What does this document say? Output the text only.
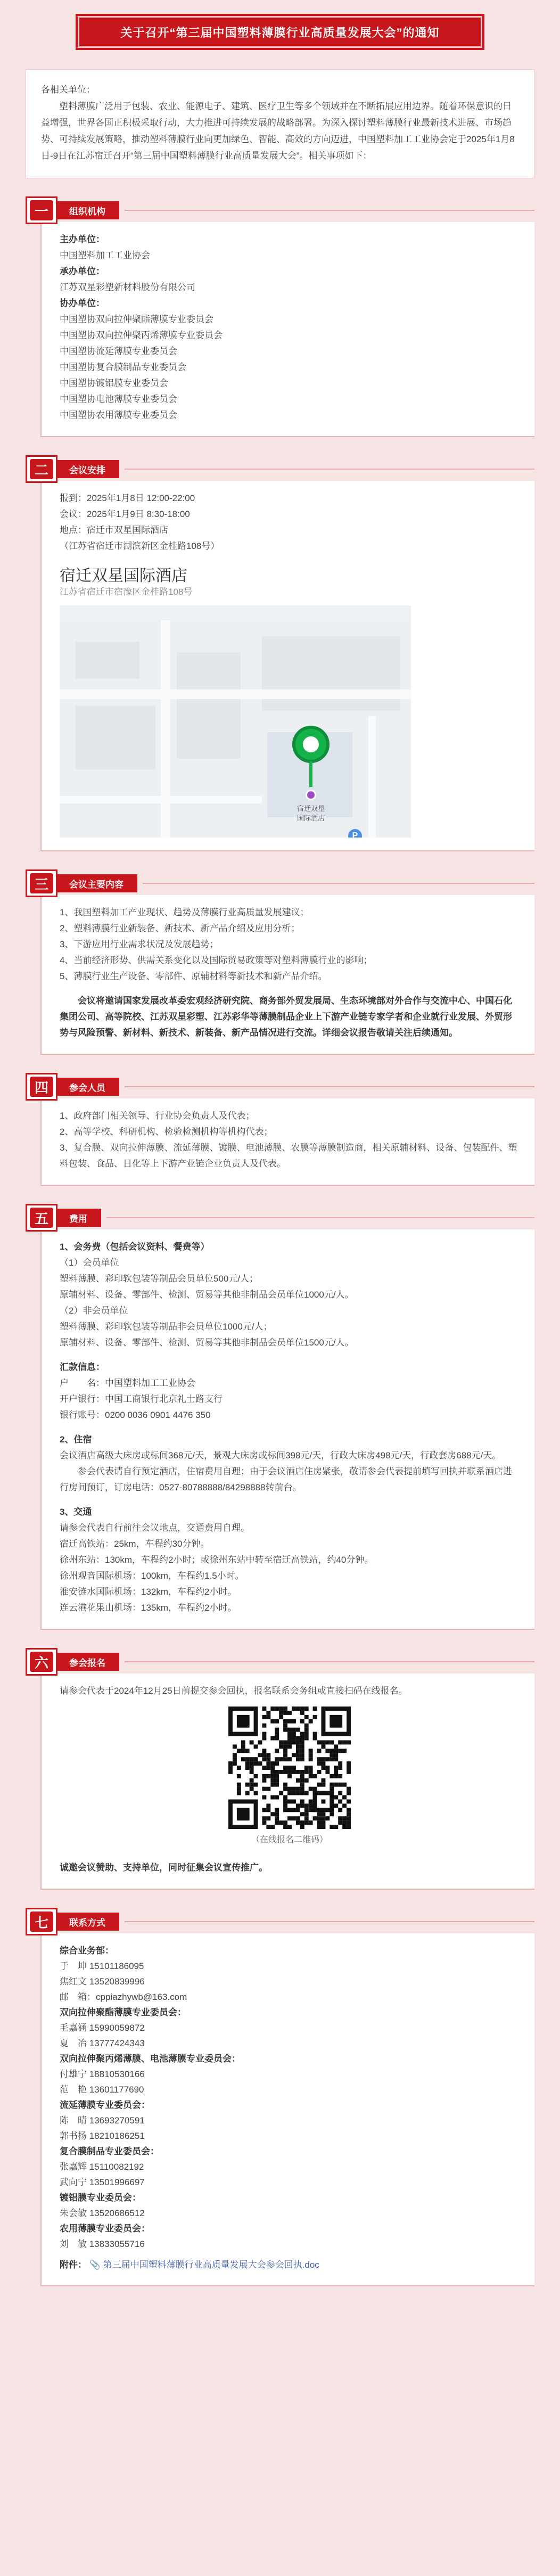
关于召开“第三届中国塑料薄膜行业高质量发展大会”的通知

各相关单位：

塑料薄膜广泛用于包装、农业、能源电子、建筑、医疗卫生等多个领域并在不断拓展应用边界。随着环保意识的日益增强，世界各国正积极采取行动，大力推进可持续发展的战略部署。为深入探讨塑料薄膜行业最新技术进展、市场趋势、可持续发展策略，推动塑料薄膜行业向更加绿色、智能、高效的方向迈进，中国塑料加工工业协会定于2025年1月8日-9日在江苏宿迁召开“第三届中国塑料薄膜行业高质量发展大会”。相关事项如下：

一	组织机构
主办单位：
中国塑料加工工业协会
承办单位：
江苏双星彩塑新材料股份有限公司
协办单位：
中国塑协双向拉伸聚酯薄膜专业委员会
中国塑协双向拉伸聚丙烯薄膜专业委员会
中国塑协流延薄膜专业委员会
中国塑协复合膜制品专业委员会
中国塑协镀铝膜专业委员会
中国塑协电池薄膜专业委员会
中国塑协农用薄膜专业委员会
二	会议安排
报到：2025年1月8日 12:00-22:00
会议：2025年1月9日 8:30-18:00
地点：宿迁市双星国际酒店
（江苏省宿迁市湖滨新区金桂路108号）
宿迁双星国际酒店
江苏省宿迁市宿豫区金桂路108号
宿迁双星
国际酒店
P
三	会议主要内容
1、我国塑料加工产业现状、趋势及薄膜行业高质量发展建议；
2、塑料薄膜行业新装备、新技术、新产品介绍及应用分析；
3、下游应用行业需求状况及发展趋势；
4、当前经济形势、供需关系变化以及国际贸易政策等对塑料薄膜行业的影响；
5、薄膜行业生产设备、零部件、原辅材料等新技术和新产品介绍。
会议将邀请国家发展改革委宏观经济研究院、商务部外贸发展局、生态环境部对外合作与交流中心、中国石化集团公司、高等院校、江苏双星彩塑、江苏彩华等薄膜制品企业上下游产业链专家学者和企业就行业发展、外贸形势与风险预警、新材料、新技术、新装备、新产品情况进行交流。详细会议报告敬请关注后续通知。
四	参会人员
1、政府部门相关领导、行业协会负责人及代表；
2、高等学校、科研机构、检验检测机构等机构代表；
3、复合膜、双向拉伸薄膜、流延薄膜、镀膜、电池薄膜、农膜等薄膜制造商，相关原辅材料、设备、包装配件、塑料包装、食品、日化等上下游产业链企业负责人及代表。
五	费用
1、会务费（包括会议资料、餐费等）
（1）会员单位
塑料薄膜、彩印软包装等制品会员单位500元/人；
原辅材料、设备、零部件、检测、贸易等其他非制品会员单位1000元/人。
（2）非会员单位
塑料薄膜、彩印软包装等制品非会员单位1000元/人；
原辅材料、设备、零部件、检测、贸易等其他非制品会员单位1500元/人。
汇款信息：
户　　名：中国塑料加工工业协会
开户银行：中国工商银行北京礼士路支行
银行账号：0200 0036 0901 4476 350
2、住宿
会议酒店高级大床房或标间368元/天，景观大床房或标间398元/天，行政大床房498元/天，行政套房688元/天。
参会代表请自行预定酒店，住宿费用自理；由于会议酒店住房紧张，敬请参会代表提前填写回执并联系酒店进行房间预订，订房电话：0527-80788888/84298888转前台。
3、交通
请参会代表自行前往会议地点，交通费用自理。
宿迁高铁站：25km，车程约30分钟。
徐州东站：130km，车程约2小时；或徐州东站中转至宿迁高铁站，约40分钟。
徐州观音国际机场：100km，车程约1.5小时。
淮安涟水国际机场：132km，车程约2小时。
连云港花果山机场：135km，车程约2小时。
六	参会报名
请参会代表于2024年12月25日前提交参会回执，报名联系会务组或直接扫码在线报名。
（在线报名二维码）
诚邀会议赞助、支持单位，同时征集会议宣传推广。
七	联系方式
综合业务部：
于　坤 15101186095
焦红文 13520839996
邮　箱：cppiazhywb@163.com
双向拉伸聚酯薄膜专业委员会：
毛嘉涵 15990059872
夏　冶 13777424343
双向拉伸聚丙烯薄膜、电池薄膜专业委员会：
付雄宁 18810530166
范　艳 13601177690
流延薄膜专业委员会：
陈　晴 13693270591
郭书扬 18210186251
复合膜制品专业委员会：
张嘉辉 15110082192
武向宁 13501996697
镀铝膜专业委员会：
朱会敏 13520686512
农用薄膜专业委员会：
刘　敏 13833055716
附件： 📎 第三届中国塑料薄膜行业高质量发展大会参会回执.doc
